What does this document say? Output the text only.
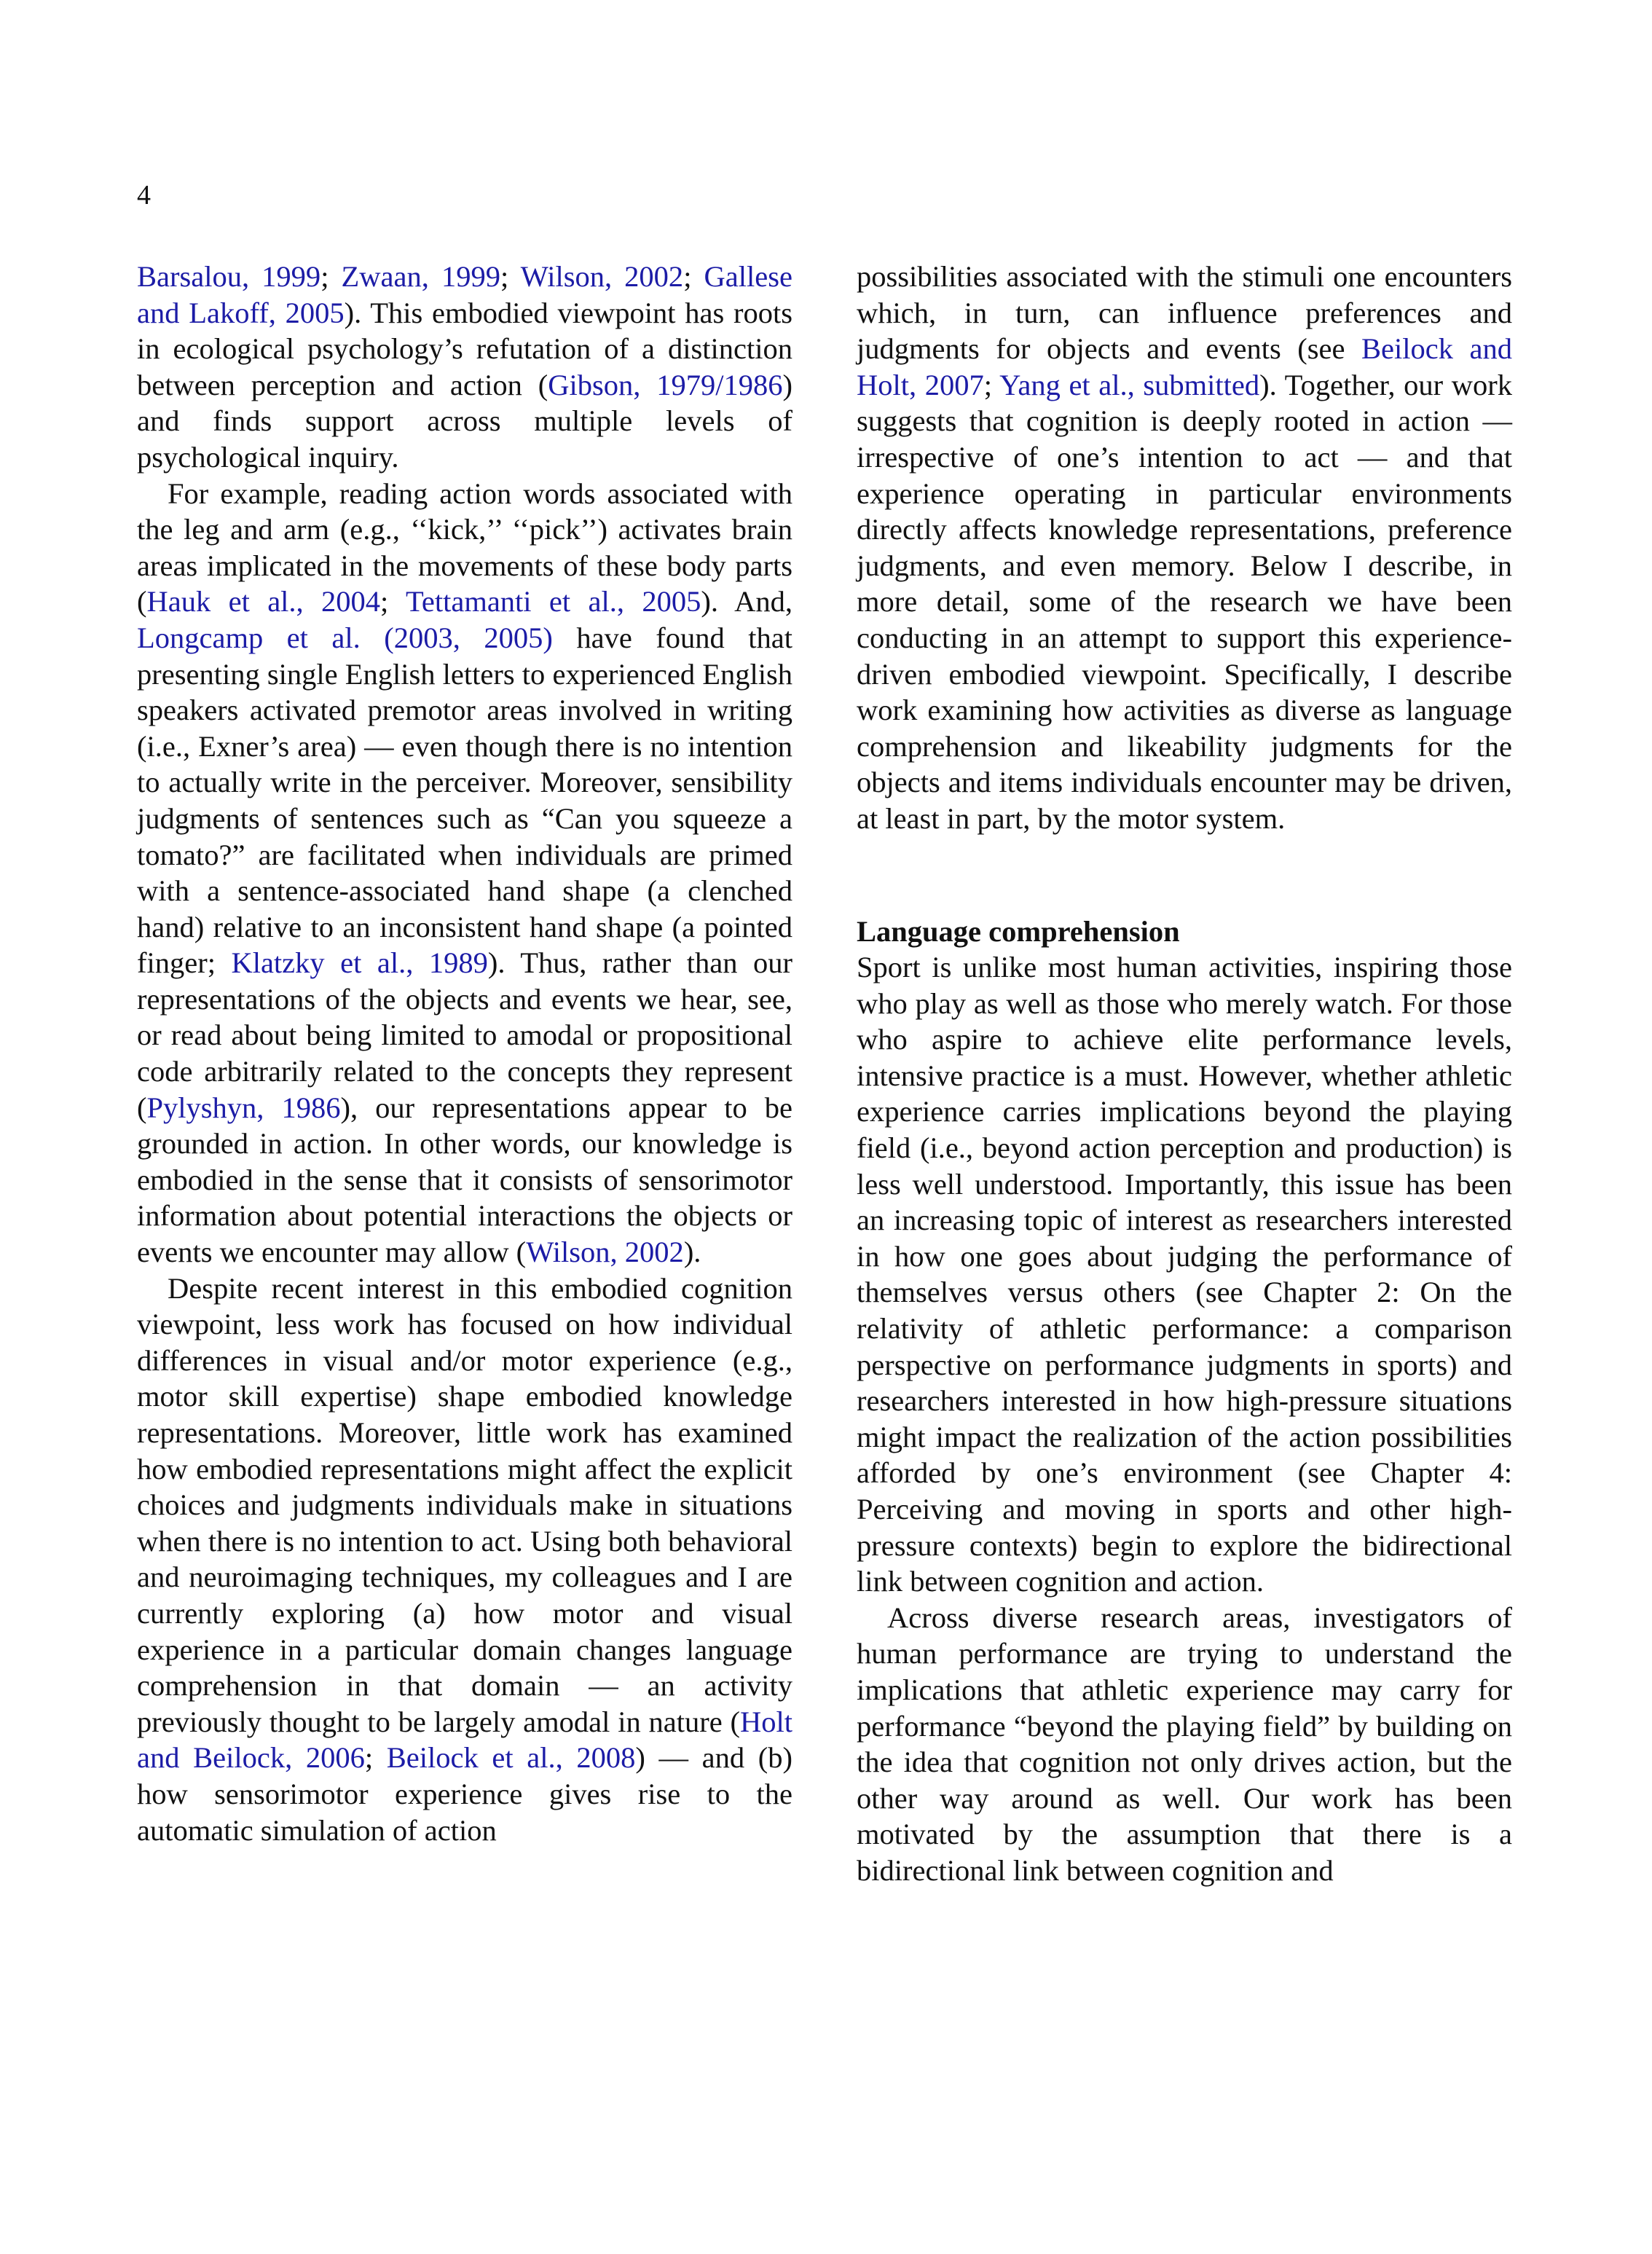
4

Barsalou, 1999; Zwaan, 1999; Wilson, 2002; Gallese and Lakoff, 2005). This embodied viewpoint has roots in ecological psychology’s refutation of a distinction between perception and action (Gibson, 1979/1986) and finds support across multiple levels of psychological inquiry.

For example, reading action words associated with the leg and arm (e.g., ‘‘kick,’’ ‘‘pick’’) activates brain areas implicated in the movements of these body parts (Hauk et al., 2004; Tettamanti et al., 2005). And, Longcamp et al. (2003, 2005) have found that presenting single English letters to experienced English speakers activated premotor areas involved in writing (i.e., Exner’s area) — even though there is no intention to actually write in the perceiver. Moreover, sensibility judgments of sentences such as “Can you squeeze a tomato?” are facilitated when individuals are primed with a sentence-associated hand shape (a clenched hand) relative to an inconsistent hand shape (a pointed finger; Klatzky et al., 1989). Thus, rather than our representations of the objects and events we hear, see, or read about being limited to amodal or propositional code arbitrarily related to the concepts they represent (Pylyshyn, 1986), our representations appear to be grounded in action. In other words, our knowledge is embodied in the sense that it consists of sensorimotor information about potential interactions the objects or events we encounter may allow (Wilson, 2002).

Despite recent interest in this embodied cognition viewpoint, less work has focused on how individual differences in visual and/or motor experience (e.g., motor skill expertise) shape embodied knowledge representations. Moreover, little work has examined how embodied representations might affect the explicit choices and judgments individuals make in situations when there is no intention to act. Using both behavioral and neuroimaging techniques, my colleagues and I are currently exploring (a) how motor and visual experience in a particular domain changes language comprehension in that domain — an activity previously thought to be largely amodal in nature (Holt and Beilock, 2006; Beilock et al., 2008) — and (b) how sensorimotor experience gives rise to the automatic simulation of action

possibilities associated with the stimuli one encounters which, in turn, can influence preferences and judgments for objects and events (see Beilock and Holt, 2007; Yang et al., submitted). Together, our work suggests that cognition is deeply rooted in action — irrespective of one’s intention to act — and that experience operating in particular environments directly affects knowledge representations, preference judgments, and even memory. Below I describe, in more detail, some of the research we have been conducting in an attempt to support this experience-driven embodied viewpoint. Specifically, I describe work examining how activities as diverse as language comprehension and likeability judgments for the objects and items individuals encounter may be driven, at least in part, by the motor system.

Language comprehension

Sport is unlike most human activities, inspiring those who play as well as those who merely watch. For those who aspire to achieve elite performance levels, intensive practice is a must. However, whether athletic experience carries implications beyond the playing field (i.e., beyond action perception and production) is less well understood. Importantly, this issue has been an increasing topic of interest as researchers interested in how one goes about judging the performance of themselves versus others (see Chapter 2: On the relativity of athletic performance: a comparison perspective on performance judgments in sports) and researchers interested in how high-pressure situations might impact the realization of the action possibilities afforded by one’s environment (see Chapter 4: Perceiving and moving in sports and other high-pressure contexts) begin to explore the bidirectional link between cognition and action.

Across diverse research areas, investigators of human performance are trying to understand the implications that athletic experience may carry for performance “beyond the playing field” by building on the idea that cognition not only drives action, but the other way around as well. Our work has been motivated by the assumption that there is a bidirectional link between cognition and
